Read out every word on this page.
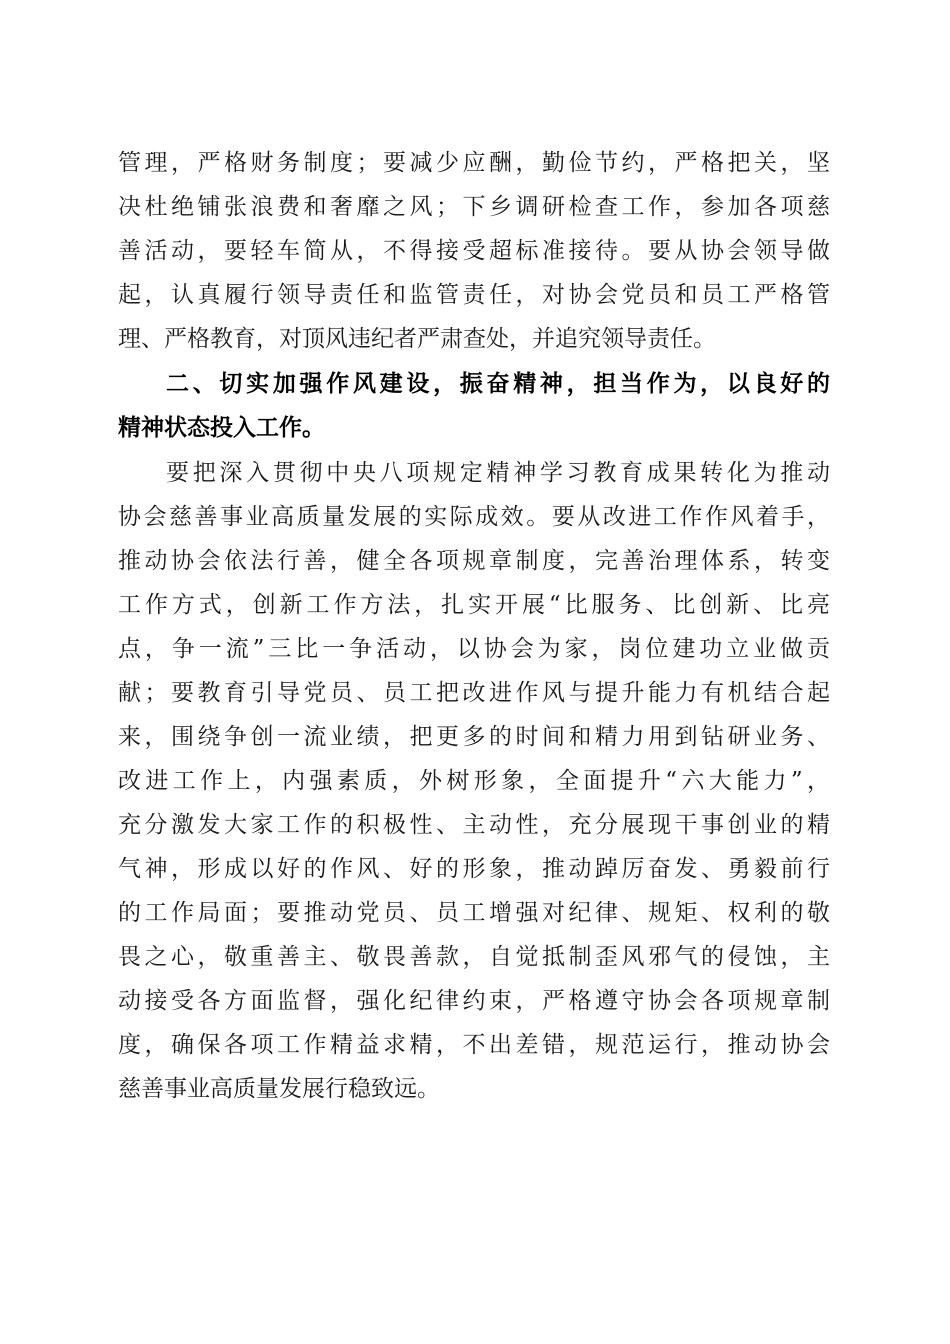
管理，严格财务制度；要减少应酬，勤俭节约，严格把关，坚
决杜绝铺张浪费和奢靡之风；下乡调研检查工作，参加各项慈
善活动，要轻车简从，不得接受超标准接待。要从协会领导做
起，认真履行领导责任和监管责任，对协会党员和员工严格管
理、严格教育，对顶风违纪者严肃查处，并追究领导责任。
二、切实加强作风建设，振奋精神，担当作为，以良好的
精神状态投入工作。
要把深入贯彻中央八项规定精神学习教育成果转化为推动
协会慈善事业高质量发展的实际成效。要从改进工作作风着手，
推动协会依法行善，健全各项规章制度，完善治理体系，转变
工作方式，创新工作方法，扎实开展“比服务、比创新、比亮
点，争一流”三比一争活动，以协会为家，岗位建功立业做贡
献；要教育引导党员、员工把改进作风与提升能力有机结合起
来，围绕争创一流业绩，把更多的时间和精力用到钻研业务、
改进工作上，内强素质，外树形象，全面提升“六大能力”，
充分激发大家工作的积极性、主动性，充分展现干事创业的精
气神，形成以好的作风、好的形象，推动踔厉奋发、勇毅前行
的工作局面；要推动党员、员工增强对纪律、规矩、权利的敬
畏之心，敬重善主、敬畏善款，自觉抵制歪风邪气的侵蚀，主
动接受各方面监督，强化纪律约束，严格遵守协会各项规章制
度，确保各项工作精益求精，不出差错，规范运行，推动协会
慈善事业高质量发展行稳致远。
